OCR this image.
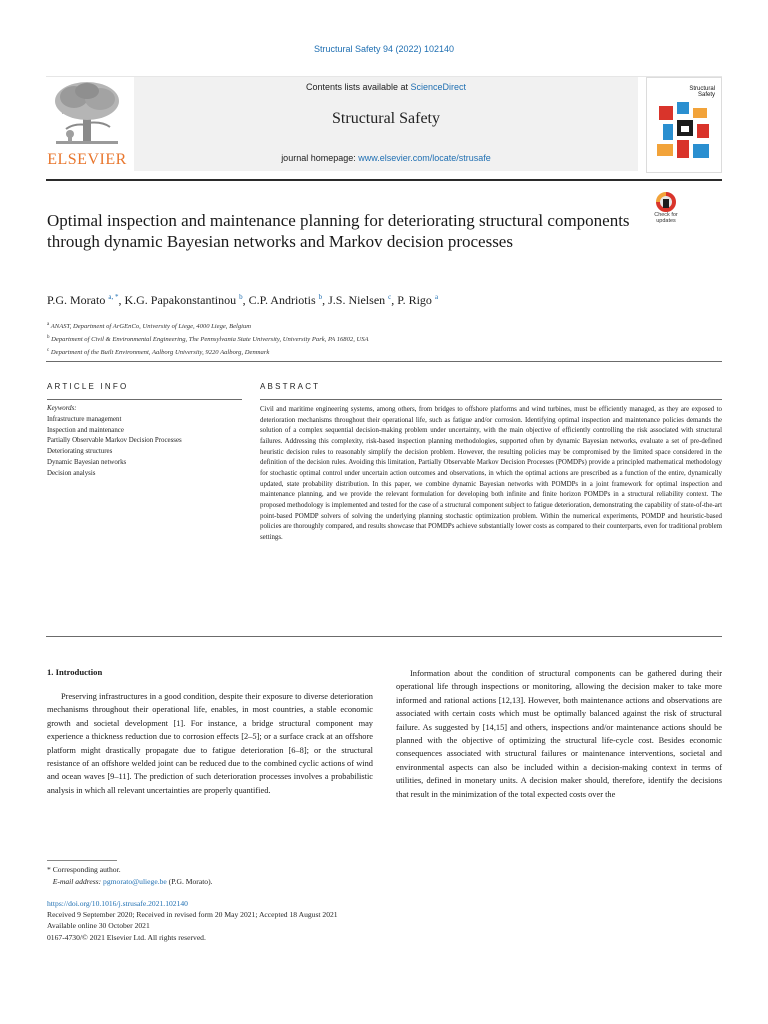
Structural Safety 94 (2022) 102140
ELSEVIER
Contents lists available at ScienceDirect
Structural Safety
journal homepage: www.elsevier.com/locate/strusafe
Structural
Safety
Optimal inspection and maintenance planning for deteriorating structural components through dynamic Bayesian networks and Markov decision processes
Check for
updates
P.G. Morato $^{a, *}$, K.G. Papakonstantinou $^b$, C.P. Andriotis $^b$, J.S. Nielsen $^c$, P. Rigo $^a$
$^a$ ANAST, Department of ArGEnCo, University of Liege, 4000 Liege, Belgium
$^b$ Department of Civil & Environmental Engineering, The Pennsylvania State University, University Park, PA 16802, USA
$^c$ Department of the Built Environment, Aalborg University, 9220 Aalborg, Denmark
ARTICLE INFO	ABSTRACT
Keywords:
Infrastructure management
Inspection and maintenance
Partially Observable Markov Decision Processes
Deteriorating structures
Dynamic Bayesian networks
Decision analysis
Civil and maritime engineering systems, among others, from bridges to offshore platforms and wind turbines, must be efficiently managed, as they are exposed to deterioration mechanisms throughout their operational life, such as fatigue and/or corrosion. Identifying optimal inspection and maintenance policies demands the solution of a complex sequential decision-making problem under uncertainty, with the main objective of efficiently controlling the risk associated with structural failures. Addressing this complexity, risk-based inspection planning methodologies, supported often by dynamic Bayesian networks, evaluate a set of pre-defined heuristic decision rules to reasonably simplify the decision problem. However, the resulting policies may be compromised by the limited space considered in the definition of the decision rules. Avoiding this limitation, Partially Observable Markov Decision Processes (POMDPs) provide a principled mathematical methodology for stochastic optimal control under uncertain action outcomes and observations, in which the optimal actions are prescribed as a function of the entire, dynamically updated, state probability distribution. In this paper, we combine dynamic Bayesian networks with POMDPs in a joint framework for optimal inspection and maintenance planning, and we provide the relevant formulation for developing both infinite and finite horizon POMDPs in a structural reliability context. The proposed methodology is implemented and tested for the case of a structural component subject to fatigue deterioration, demonstrating the capability of state-of-the-art point-based POMDP solvers of solving the underlying planning stochastic optimization problem. Within the numerical experiments, POMDP and heuristic-based policies are thoroughly compared, and results showcase that POMDPs achieve substantially lower costs as compared to their counterparts, even for traditional problem settings.
1. Introduction
Preserving infrastructures in a good condition, despite their exposure to diverse deterioration mechanisms throughout their operational life, enables, in most countries, a stable economic growth and societal development [1]. For instance, a bridge structural component may experience a thickness reduction due to corrosion effects [2–5]; or a surface crack at an offshore platform might drastically propagate due to fatigue deterioration [6–8]; or the structural resistance of an offshore welded joint can be reduced due to the combined cyclic actions of wind and ocean waves [9–11]. The prediction of such deterioration processes involves a probabilistic analysis in which all relevant uncertainties are properly quantified.
Information about the condition of structural components can be gathered during their operational life through inspections or monitoring, allowing the decision maker to take more informed and rational actions [12,13]. However, both maintenance actions and observations are associated with certain costs which must be optimally balanced against the risk of structural failure. As suggested by [14,15] and others, inspections and/or maintenance actions should be planned with the objective of optimizing the structural life-cycle cost. Besides economic consequences associated with structural failures or maintenance interventions, societal and environmental aspects can also be included within a decision-making context in terms of utilities, defined in monetary units. A decision maker should, therefore, identify the decisions that result in the minimization of the total expected costs over the
* Corresponding author.
E-mail address: pgmorato@uliege.be (P.G. Morato).
https://doi.org/10.1016/j.strusafe.2021.102140
Received 9 September 2020; Received in revised form 20 May 2021; Accepted 18 August 2021
Available online 30 October 2021
0167-4730/© 2021 Elsevier Ltd. All rights reserved.
